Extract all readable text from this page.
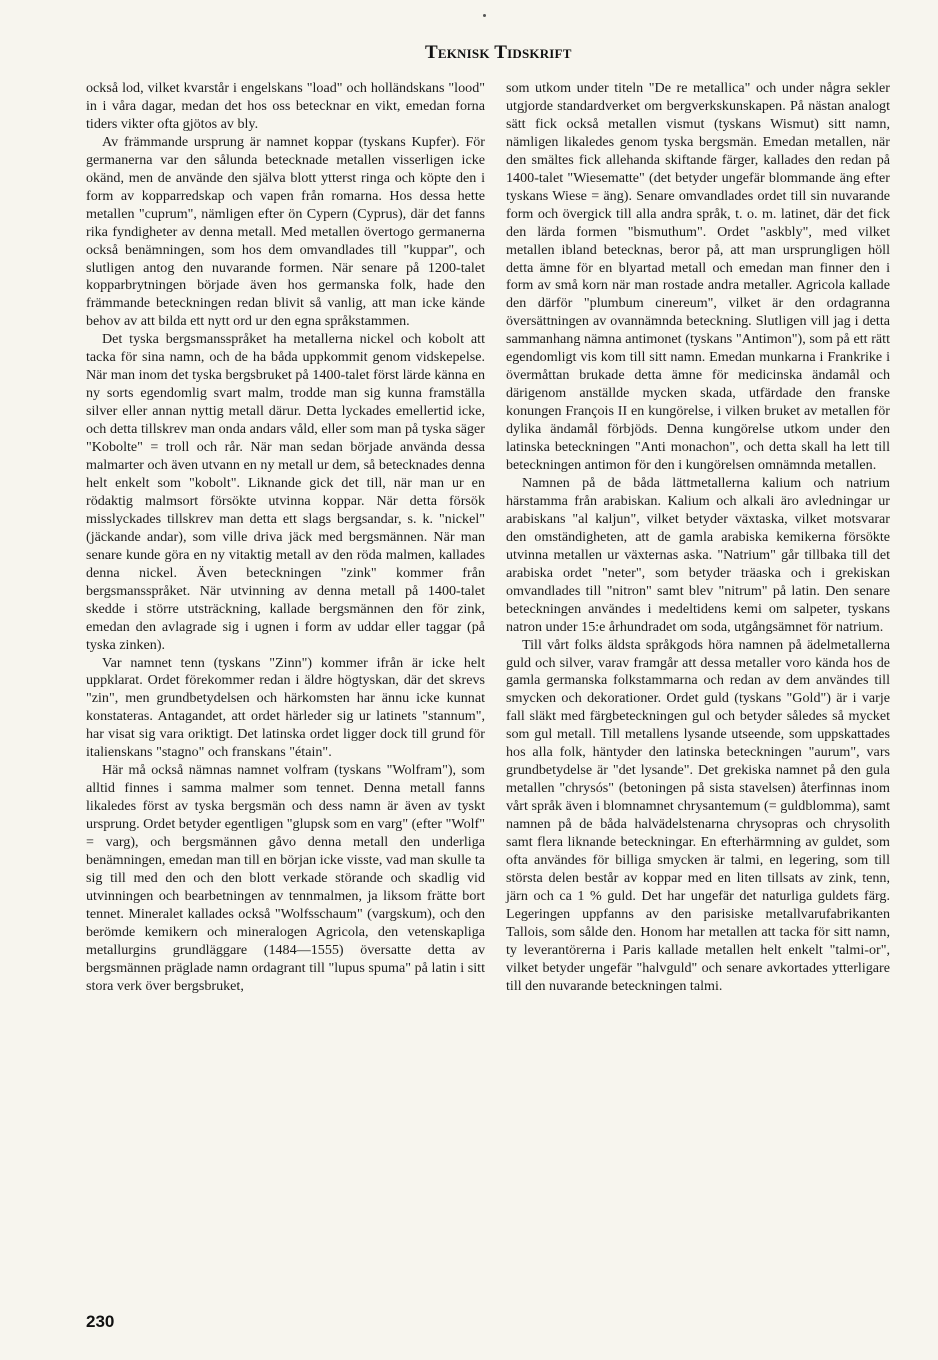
Teknisk Tidskrift

också lod, vilket kvarstår i engelskans "load" och holländskans "lood" in i våra dagar, medan det hos oss betecknar en vikt, emedan forna tiders vikter ofta gjötos av bly.

Av främmande ursprung är namnet koppar (tyskans Kupfer). För germanerna var den sålunda betecknade metallen visserligen icke okänd, men de använde den själva blott ytterst ringa och köpte den i form av kopparredskap och vapen från romarna. Hos dessa hette metallen "cuprum", nämligen efter ön Cypern (Cyprus), där det fanns rika fyndigheter av denna metall. Med metallen övertogo germanerna också benämningen, som hos dem omvandlades till "kuppar", och slutligen antog den nuvarande formen. När senare på 1200-talet kopparbrytningen började även hos germanska folk, hade den främmande beteckningen redan blivit så vanlig, att man icke kände behov av att bilda ett nytt ord ur den egna språkstammen.

Det tyska bergsmansspråket ha metallerna nickel och kobolt att tacka för sina namn, och de ha båda uppkommit genom vidskepelse. När man inom det tyska bergsbruket på 1400-talet först lärde känna en ny sorts egendomlig svart malm, trodde man sig kunna framställa silver eller annan nyttig metall därur. Detta lyckades emellertid icke, och detta tillskrev man onda andars våld, eller som man på tyska säger "Kobolte" = troll och rår. När man sedan började använda dessa malmarter och även utvann en ny metall ur dem, så betecknades denna helt enkelt som "kobolt". Liknande gick det till, när man ur en rödaktig malmsort försökte utvinna koppar. När detta försök misslyckades tillskrev man detta ett slags bergsandar, s. k. "nickel" (jäckande andar), som ville driva jäck med bergsmännen. När man senare kunde göra en ny vitaktig metall av den röda malmen, kallades denna nickel. Även beteckningen "zink" kommer från bergsmansspråket. När utvinning av denna metall på 1400-talet skedde i större utsträckning, kallade bergsmännen den för zink, emedan den avlagrade sig i ugnen i form av uddar eller taggar (på tyska zinken).

Var namnet tenn (tyskans "Zinn") kommer ifrån är icke helt uppklarat. Ordet förekommer redan i äldre högtyskan, där det skrevs "zin", men grundbetydelsen och härkomsten har ännu icke kunnat konstateras. Antagandet, att ordet härleder sig ur latinets "stannum", har visat sig vara oriktigt. Det latinska ordet ligger dock till grund för italienskans "stagno" och franskans "étain".

Här må också nämnas namnet volfram (tyskans "Wolfram"), som alltid finnes i samma malmer som tennet. Denna metall fanns likaledes först av tyska bergsmän och dess namn är även av tyskt ursprung. Ordet betyder egentligen "glupsk som en varg" (efter "Wolf" = varg), och bergsmännen gåvo denna metall den underliga benämningen, emedan man till en början icke visste, vad man skulle ta sig till med den och den blott verkade störande och skadlig vid utvinningen och bearbetningen av tennmalmen, ja liksom frätte bort tennet. Mineralet kallades också "Wolfsschaum" (vargskum), och den berömde kemikern och mineralogen Agricola, den vetenskapliga metallurgins grundläggare (1484—1555) översatte detta av bergsmännen präglade namn ordagrant till "lupus spuma" på latin i sitt stora verk över bergsbruket,

som utkom under titeln "De re metallica" och under några sekler utgjorde standardverket om bergverkskunskapen. På nästan analogt sätt fick också metallen vismut (tyskans Wismut) sitt namn, nämligen likaledes genom tyska bergsmän. Emedan metallen, när den smältes fick allehanda skiftande färger, kallades den redan på 1400-talet "Wiesematte" (det betyder ungefär blommande äng efter tyskans Wiese = äng). Senare omvandlades ordet till sin nuvarande form och övergick till alla andra språk, t. o. m. latinet, där det fick den lärda formen "bismuthum". Ordet "askbly", med vilket metallen ibland betecknas, beror på, att man ursprungligen höll detta ämne för en blyartad metall och emedan man finner den i form av små korn när man rostade andra metaller. Agricola kallade den därför "plumbum cinereum", vilket är den ordagranna översättningen av ovannämnda beteckning. Slutligen vill jag i detta sammanhang nämna antimonet (tyskans "Antimon"), som på ett rätt egendomligt vis kom till sitt namn. Emedan munkarna i Frankrike i övermåttan brukade detta ämne för medicinska ändamål och därigenom anställde mycken skada, utfärdade den franske konungen François II en kungörelse, i vilken bruket av metallen för dylika ändamål förbjöds. Denna kungörelse utkom under den latinska beteckningen "Anti monachon", och detta skall ha lett till beteckningen antimon för den i kungörelsen omnämnda metallen.

Namnen på de båda lättmetallerna kalium och natrium härstamma från arabiskan. Kalium och alkali äro avledningar ur arabiskans "al kaljun", vilket betyder växtaska, vilket motsvarar den omständigheten, att de gamla arabiska kemikerna försökte utvinna metallen ur växternas aska. "Natrium" går tillbaka till det arabiska ordet "neter", som betyder träaska och i grekiskan omvandlades till "nitron" samt blev "nitrum" på latin. Den senare beteckningen användes i medeltidens kemi om salpeter, tyskans natron under 15:e århundradet om soda, utgångsämnet för natrium.

Till vårt folks äldsta språkgods höra namnen på ädelmetallerna guld och silver, varav framgår att dessa metaller voro kända hos de gamla germanska folkstammarna och redan av dem användes till smycken och dekorationer. Ordet guld (tyskans "Gold") är i varje fall släkt med färgbeteckningen gul och betyder således så mycket som gul metall. Till metallens lysande utseende, som uppskattades hos alla folk, häntyder den latinska beteckningen "aurum", vars grundbetydelse är "det lysande". Det grekiska namnet på den gula metallen "chrysós" (betoningen på sista stavelsen) återfinnas inom vårt språk även i blomnamnet chrysantemum (= guldblomma), samt namnen på de båda halvädelstenarna chrysopras och chrysolith samt flera liknande beteckningar. En efterhärmning av guldet, som ofta användes för billiga smycken är talmi, en legering, som till största delen består av koppar med en liten tillsats av zink, tenn, järn och ca 1 % guld. Det har ungefär det naturliga guldets färg. Legeringen uppfanns av den parisiske metallvarufabrikanten Tallois, som sålde den. Honom har metallen att tacka för sitt namn, ty leverantörerna i Paris kallade metallen helt enkelt "talmi-or", vilket betyder ungefär "halvguld" och senare avkortades ytterligare till den nuvarande beteckningen talmi.

230
